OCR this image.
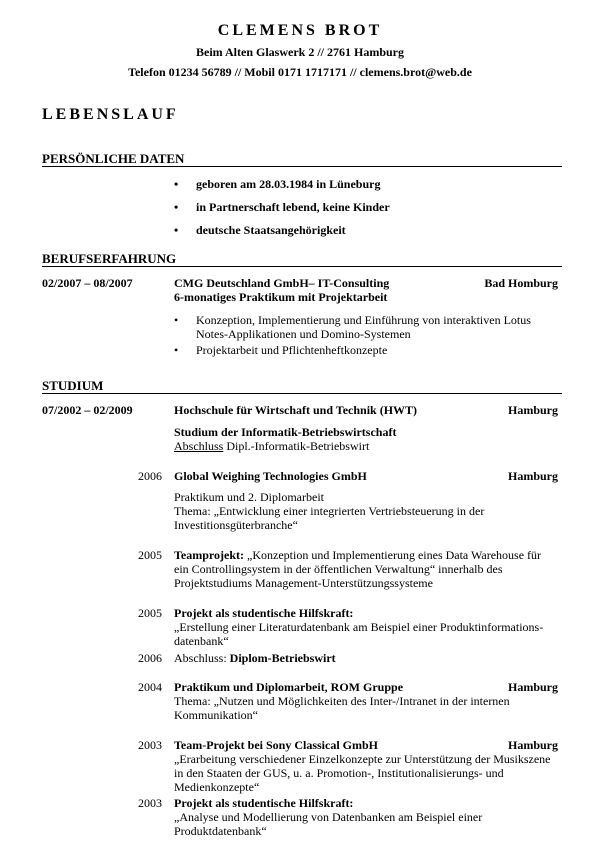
CLEMENS BROT
Beim Alten Glaswerk 2 // 2761 Hamburg
Telefon 01234 56789 // Mobil 0171 1717171 // clemens.brot@web.de
LEBENSLAUF
PERSÖNLICHE DATEN
• geboren am 28.03.1984 in Lüneburg
• in Partnerschaft lebend, keine Kinder
• deutsche Staatsangehörigkeit
BERUFSERFAHRUNG
02/2007 – 08/2007	CMG Deutschland GmbH– IT-Consulting	Bad Homburg
6-monatiges Praktikum mit Projektarbeit
• Konzeption, Implementierung und Einführung von interaktiven Lotus Notes-Applikationen und Domino-Systemen
• Projektarbeit und Pflichtenheftkonzepte
STUDIUM
07/2002 – 02/2009	Hochschule für Wirtschaft und Technik (HWT)	Hamburg
Studium der Informatik-Betriebswirtschaft
Abschluss Dipl.-Informatik-Betriebswirt
2006 Global Weighing Technologies GmbH	Hamburg
Praktikum und 2. Diplomarbeit
Thema: „Entwicklung einer integrierten Vertriebsteuerung in der Investitionsgüterbranche“
2005 Teamprojekt: „Konzeption und Implementierung eines Data Warehouse für ein Controllingsystem in der öffentlichen Verwaltung“ innerhalb des Projektstudiums Management-Unterstützungssysteme
2005 Projekt als studentische Hilfskraft:
„Erstellung einer Literaturdatenbank am Beispiel einer Produktinformations-datenbank“
2006 Abschluss: Diplom-Betriebswirt
2004 Praktikum und Diplomarbeit, ROM Gruppe	Hamburg
Thema: „Nutzen und Möglichkeiten des Inter-/Intranet in der internen Kommunikation“
2003 Team-Projekt bei Sony Classical GmbH	Hamburg
„Erarbeitung verschiedener Einzelkonzepte zur Unterstützung der Musikszene in den Staaten der GUS, u. a. Promotion-, Institutionalisierungs- und Medienkonzepte“
2003 Projekt als studentische Hilfskraft:
„Analyse und Modellierung von Datenbanken am Beispiel einer Produktdatenbank“
